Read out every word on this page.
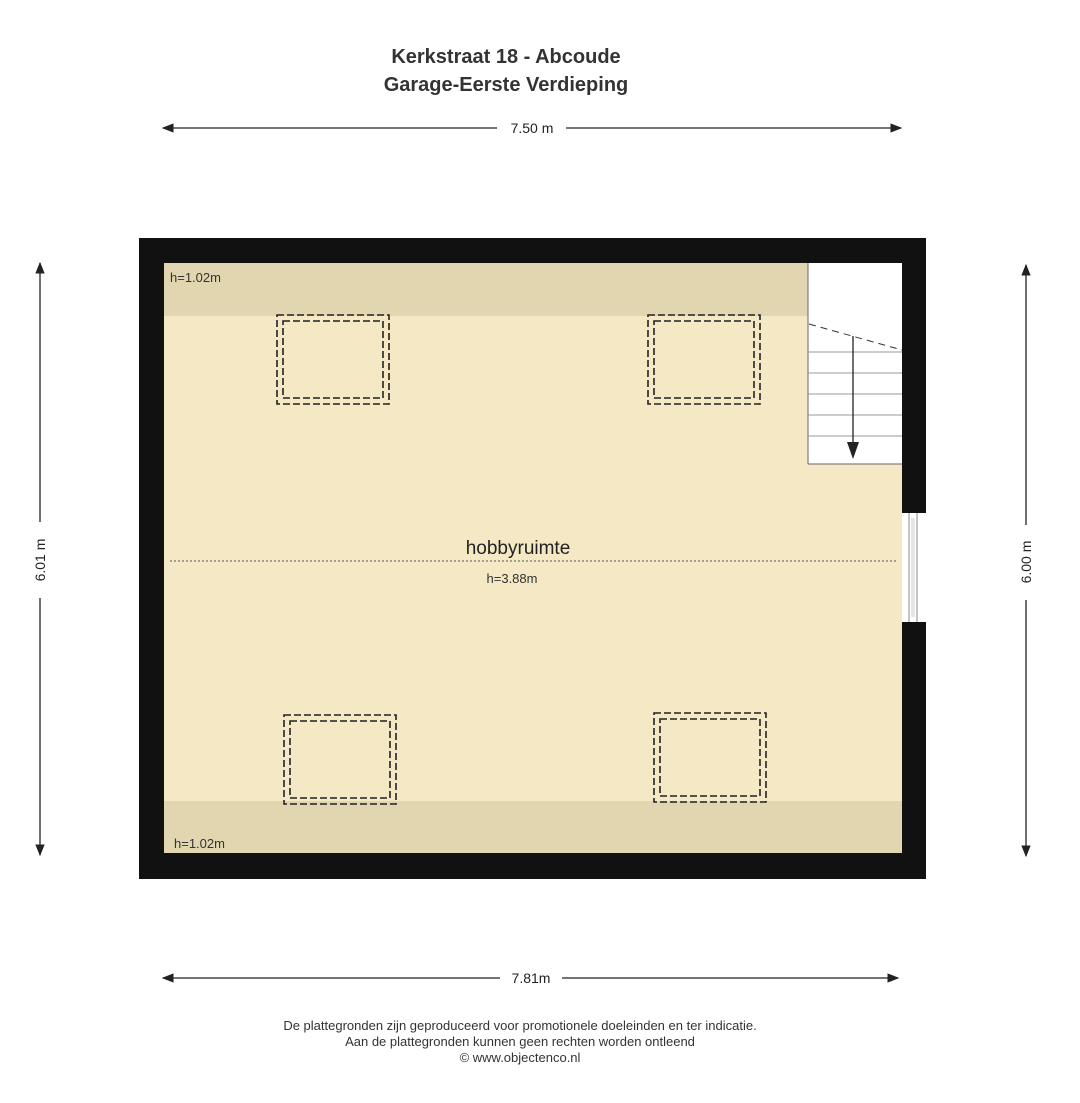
Kerkstraat 18 - Abcoude
Garage-Eerste Verdieping
7.50 m
7.81m
6.01 m	6.00 m
hobbyruimte
h=3.88m
h=1.02m
h=1.02m
De plattegronden zijn geproduceerd voor promotionele doeleinden en ter indicatie.
Aan de plattegronden kunnen geen rechten worden ontleend
© www.objectenco.nl
